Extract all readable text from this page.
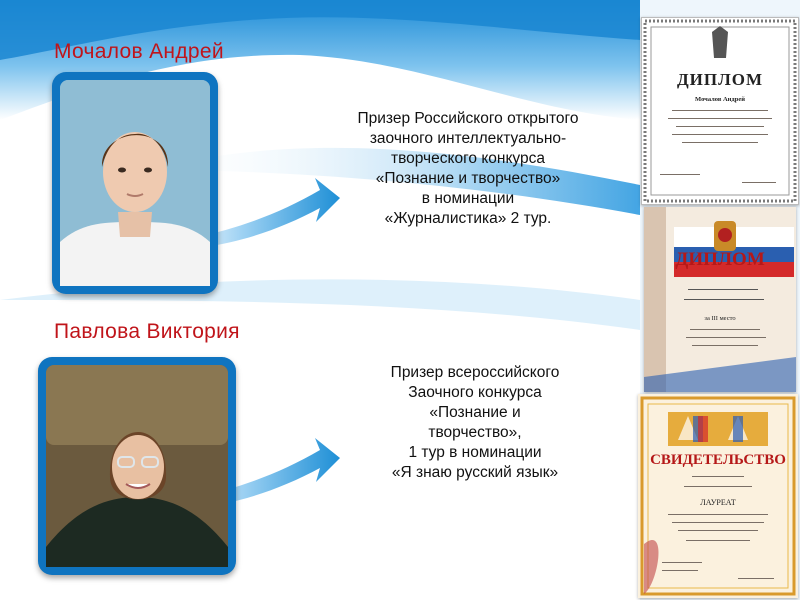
Мочалов Андрей
Призер Российского открытого
заочного интеллектуально-
творческого конкурса
«Познание и творчество»
в номинации
«Журналистика» 2 тур.
Павлова Виктория
Призер всероссийского
Заочного конкурса
«Познание и
творчество»,
1 тур в номинации
«Я знаю русский язык»
ДИПЛОМ
Мочалов Андрей
ДИПЛОМ
за III место
СВИДЕТЕЛЬСТВО
ЛАУРЕАТ
